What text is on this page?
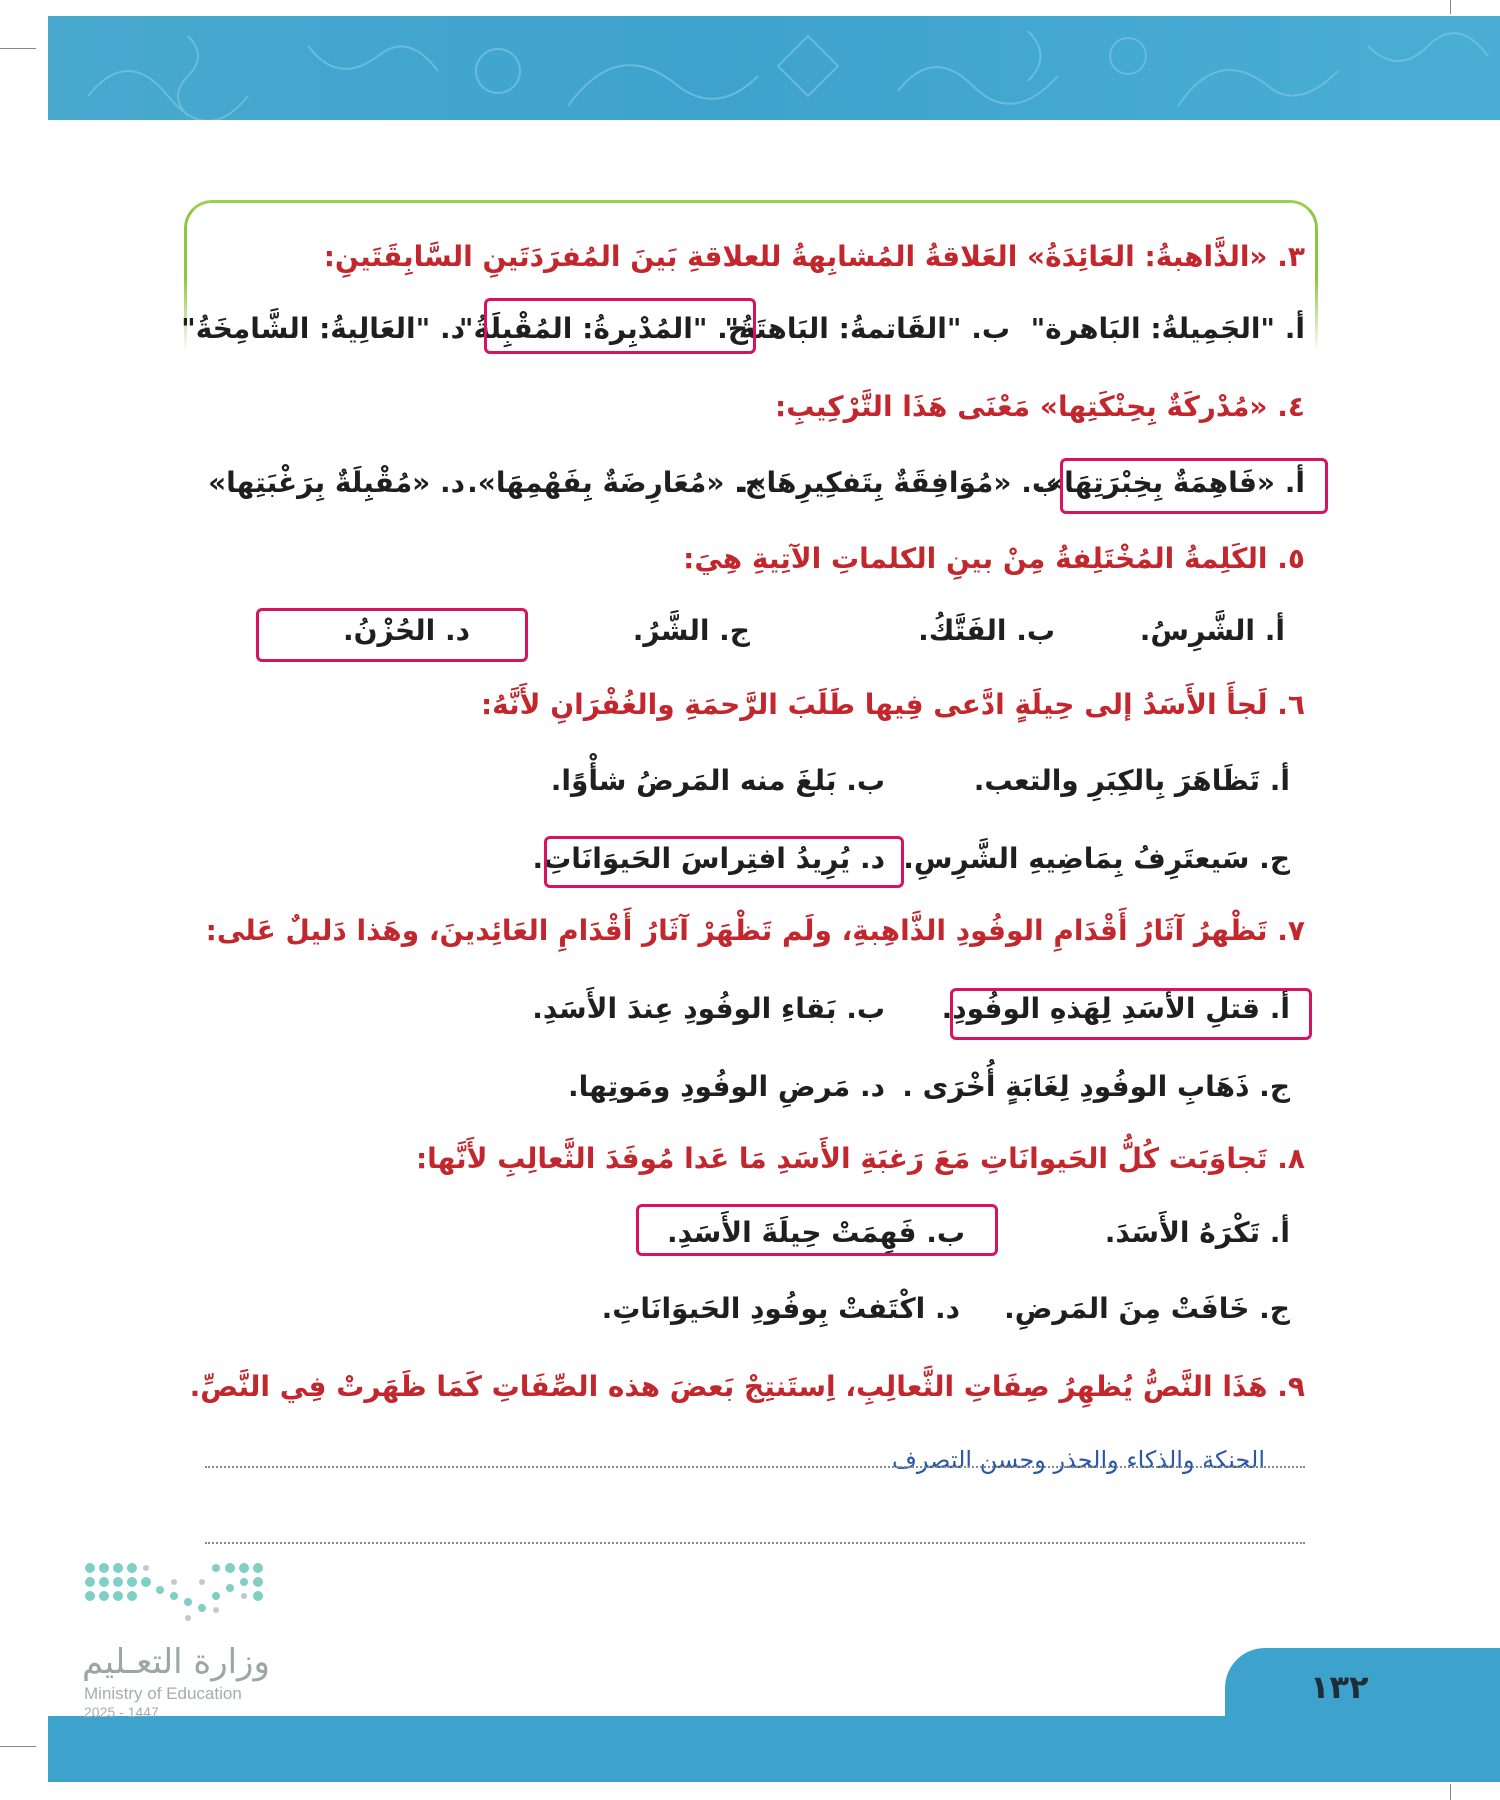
٣. «الذَّاهبةُ: العَائِدَةُ» العَلاقةُ المُشابِهةُ للعلاقةِ بَينَ المُفرَدَتَينِ السَّابِقَتَينِ:
أ. "الجَمِيلةُ: البَاهرة"
ب. "القَاتمةُ: البَاهتَةُ"
ج. "المُدْبِرةُ: المُقْبِلَةُ"
د. "العَالِيةُ: الشَّامِخَةُ"
٤. «مُدْركَةٌ بِحِنْكَتِها» مَعْنَى هَذَا التَّرْكِيبِ:
أ. «فَاهِمَةٌ بِخِبْرَتِهَا».
ب. «مُوَافِقَةٌ بِتَفكِيرِهَا».
ج. «مُعَارِضَةٌ بِفَهْمِهَا».
د. «مُقْبِلَةٌ بِرَغْبَتِها»
٥. الكَلِمةُ المُخْتَلِفةُ مِنْ بينِ الكلماتِ الآتِيةِ هِيَ:
أ. الشَّرِسُ.
ب. الفَتَّكُ.
ج. الشَّرُ.
د. الحُزْنُ.
٦. لَجأَ الأَسَدُ إلى حِيلَةٍ ادَّعى فِيها طَلَبَ الرَّحمَةِ والغُفْرَانِ لأَنَّهُ:
أ. تَظَاهَرَ بِالكِبَرِ والتعب.
ب. بَلغَ منه المَرضُ شأْوًا.
ج. سَيعتَرِفُ بِمَاضِيهِ الشَّرِسِ.
د. يُرِيدُ افتِراسَ الحَيوَانَاتِ.
٧. تَظْهرُ آثَارُ أَقْدَامِ الوفُودِ الذَّاهِبةِ، ولَم تَظْهَرْ آثَارُ أَقْدَامِ العَائِدينَ، وهَذا دَليلٌ عَلى:
أ. قتلِ الأسَدِ لِهَذهِ الوفُودِ.
ب. بَقاءِ الوفُودِ عِندَ الأَسَدِ.
ج. ذَهَابِ الوفُودِ لِغَابَةٍ أُخْرَى .
د. مَرضِ الوفُودِ ومَوتِها.
٨. تَجاوَبَت كُلُّ الحَيوانَاتِ مَعَ رَغبَةِ الأَسَدِ مَا عَدا مُوفَدَ الثَّعالِبِ لأَنَّها:
أ. تَكْرَهُ الأَسَدَ.
ب. فَهِمَتْ حِيلَةَ الأَسَدِ.
ج. خَافَتْ مِنَ المَرضِ.
د. اكْتَفتْ بِوفُودِ الحَيوَانَاتِ.
٩. هَذَا النَّصُّ يُظهِرُ صِفَاتِ الثَّعالِبِ، اِستَنتِجْ بَعضَ هذه الصِّفَاتِ كَمَا ظَهَرتْ فِي النَّصِّ.
الحنكة والذكاء والحذر وحسن التصرف
١٣٢
وزارة التعـليم
Ministry of Education
2025 - 1447
